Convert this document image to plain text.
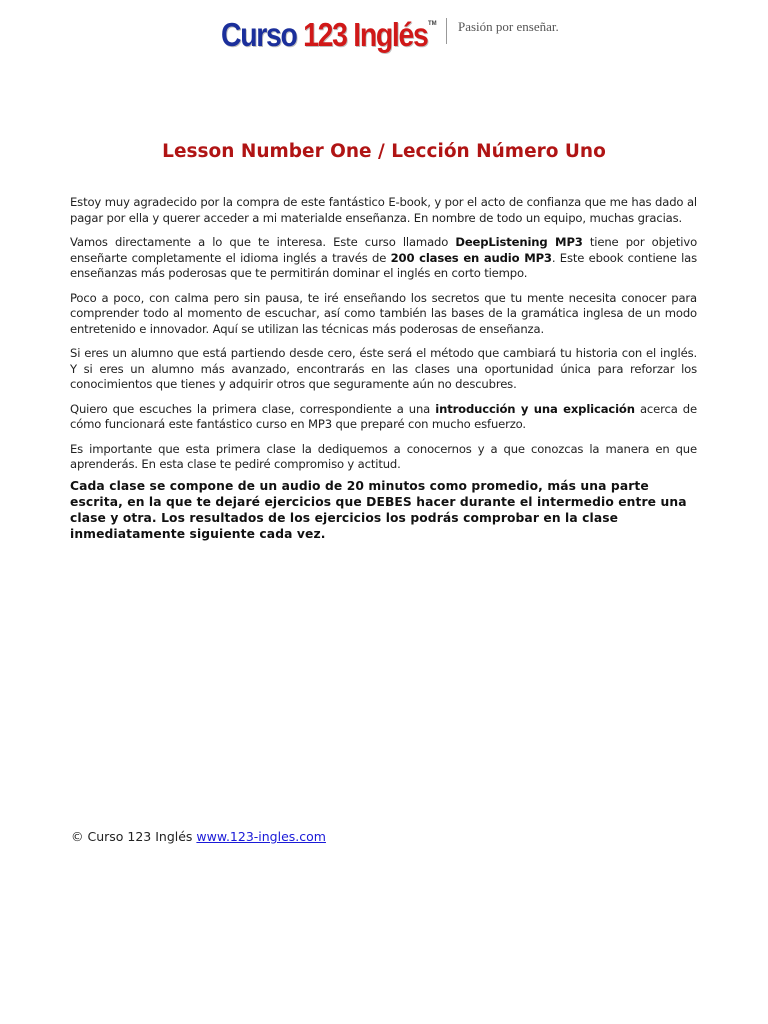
Curso 123 Inglés TM Pasión por enseñar.
Lesson Number One / Lección Número Uno

Estoy muy agradecido por la compra de este fantástico E-book, y por el acto de confianza que me has dado al pagar por ella y querer acceder a mi materialde enseñanza. En nombre de todo un equipo, muchas gracias.

Vamos directamente a lo que te interesa. Este curso llamado DeepListening MP3 tiene por objetivo enseñarte completamente el idioma inglés a través de 200 clases en audio MP3. Este ebook contiene las enseñanzas más poderosas que te permitirán dominar el inglés en corto tiempo.

Poco a poco, con calma pero sin pausa, te iré enseñando los secretos que tu mente necesita conocer para comprender todo al momento de escuchar, así como también las bases de la gramática inglesa de un modo entretenido e innovador. Aquí se utilizan las técnicas más poderosas de enseñanza.

Si eres un alumno que está partiendo desde cero, éste será el método que cambiará tu historia con el inglés. Y si eres un alumno más avanzado, encontrarás en las clases una oportunidad única para reforzar los conocimientos que tienes y adquirir otros que seguramente aún no descubres.

Quiero que escuches la primera clase, correspondiente a una introducción y una explicación acerca de cómo funcionará este fantástico curso en MP3 que preparé con mucho esfuerzo.

Es importante que esta primera clase la dediquemos a conocernos y a que conozcas la manera en que aprenderás. En esta clase te pediré compromiso y actitud.

Cada clase se compone de un audio de 20 minutos como promedio, más una parte escrita, en la que te dejaré ejercicios que DEBES hacer durante el intermedio entre una clase y otra. Los resultados de los ejercicios los podrás comprobar en la clase inmediatamente siguiente cada vez.

© Curso 123 Inglés www.123-ingles.com
